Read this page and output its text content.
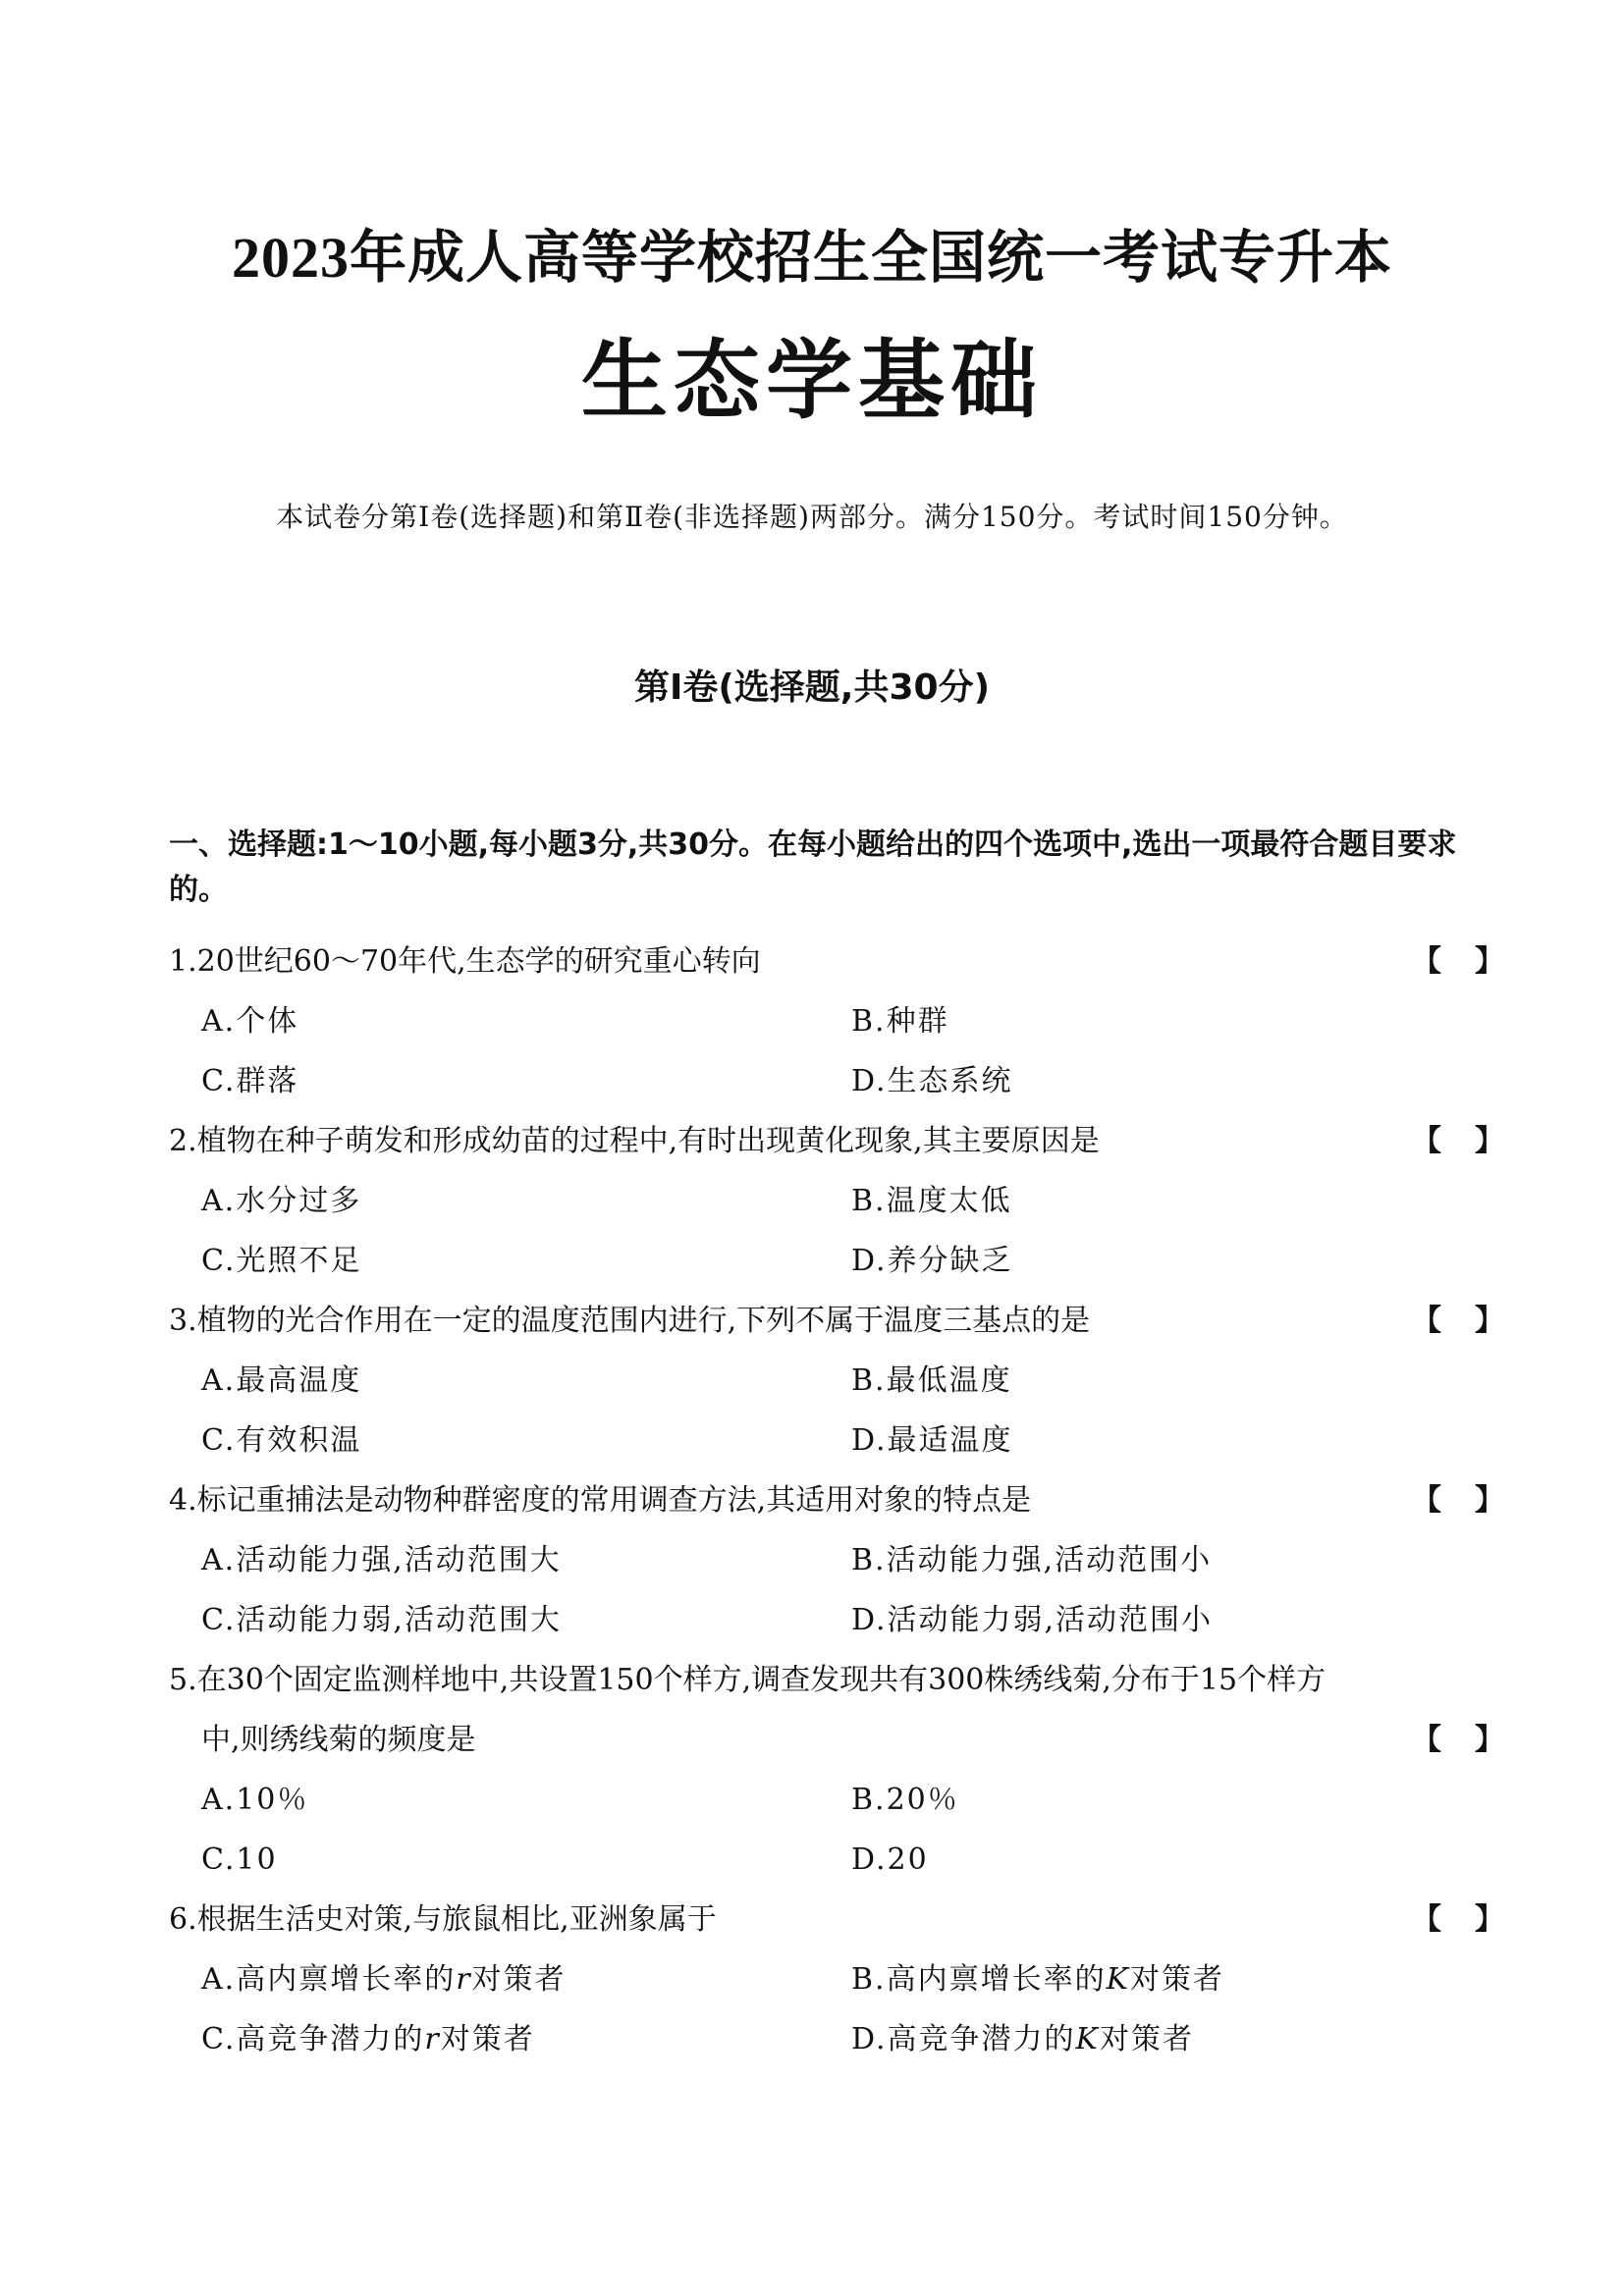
2023年成人高等学校招生全国统一考试专升本
生态学基础
本试卷分第Ⅰ卷(选择题)和第Ⅱ卷(非选择题)两部分。满分150分。考试时间150分钟。
第Ⅰ卷(选择题,共30分)
一、选择题:1～10小题,每小题3分,共30分。在每小题给出的四个选项中,选出一项最符合题目要求的。
1.20世纪60～70年代,生态学的研究重心转向	【 】
A.个体	B.种群
C.群落	D.生态系统
2.植物在种子萌发和形成幼苗的过程中,有时出现黄化现象,其主要原因是	【 】
A.水分过多	B.温度太低
C.光照不足	D.养分缺乏
3.植物的光合作用在一定的温度范围内进行,下列不属于温度三基点的是	【 】
A.最高温度	B.最低温度
C.有效积温	D.最适温度
4.标记重捕法是动物种群密度的常用调查方法,其适用对象的特点是	【 】
A.活动能力强,活动范围大	B.活动能力强,活动范围小
C.活动能力弱,活动范围大	D.活动能力弱,活动范围小
5.在30个固定监测样地中,共设置150个样方,调查发现共有300株绣线菊,分布于15个样方
中,则绣线菊的频度是	【 】
A.10％	B.20％
C.10	D.20
6.根据生活史对策,与旅鼠相比,亚洲象属于	【 】
A.高内禀增长率的r对策者	B.高内禀增长率的K对策者
C.高竞争潜力的r对策者	D.高竞争潜力的K对策者
